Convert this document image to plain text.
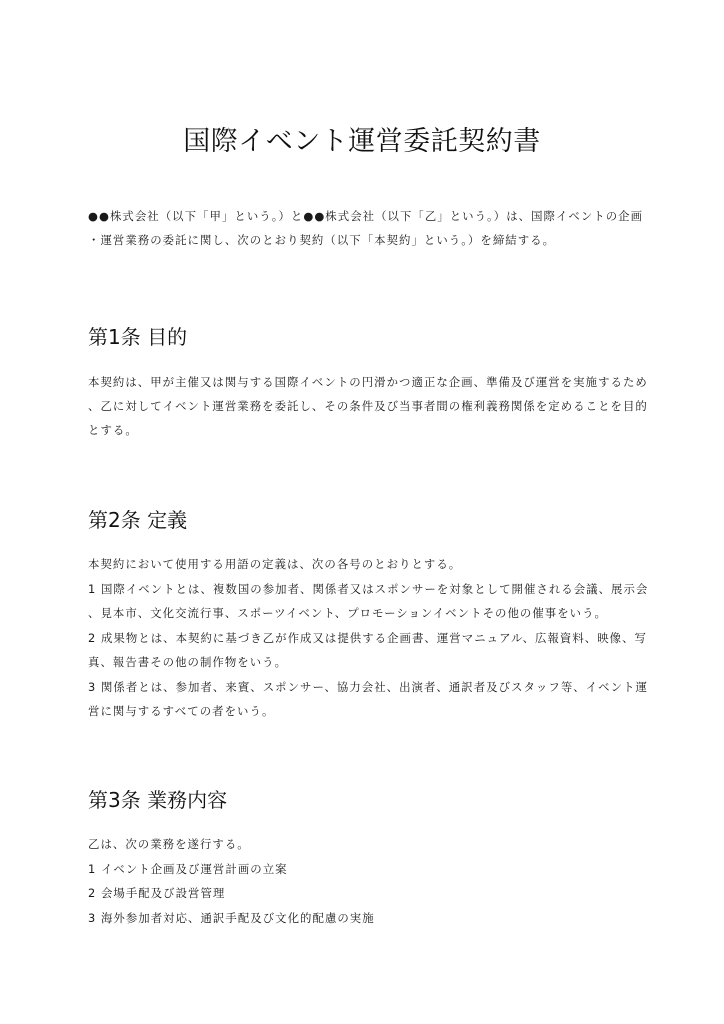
国際イベント運営委託契約書

●●株式会社（以下「甲」という。）と●●株式会社（以下「乙」という。）は、国際イベントの企画

・運営業務の委託に関し、次のとおり契約（以下「本契約」という。）を締結する。

第1条 目的

本契約は、甲が主催又は関与する国際イベントの円滑かつ適正な企画、準備及び運営を実施するため

、乙に対してイベント運営業務を委託し、その条件及び当事者間の権利義務関係を定めることを目的

とする。

第2条 定義

本契約において使用する用語の定義は、次の各号のとおりとする。

1 国際イベントとは、複数国の参加者、関係者又はスポンサーを対象として開催される会議、展示会

、見本市、文化交流行事、スポーツイベント、プロモーションイベントその他の催事をいう。

2 成果物とは、本契約に基づき乙が作成又は提供する企画書、運営マニュアル、広報資料、映像、写

真、報告書その他の制作物をいう。

3 関係者とは、参加者、来賓、スポンサー、協力会社、出演者、通訳者及びスタッフ等、イベント運

営に関与するすべての者をいう。

第3条 業務内容

乙は、次の業務を遂行する。

1 イベント企画及び運営計画の立案

2 会場手配及び設営管理

3 海外参加者対応、通訳手配及び文化的配慮の実施
